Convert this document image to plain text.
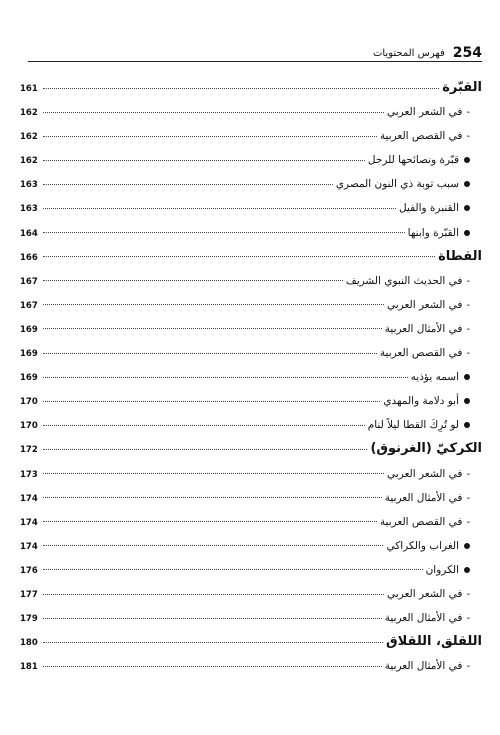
254
فهرس المحتويات
القبّرة
161
-في الشعر العربي
162
-في القصص العربية
162
قبّرة ونصائحها للرجل
162
سبب توبة ذي النون المصري
163
القنبرة والفيل
163
القبّرة وابنها
164
القطاة
166
-في الحديث النبوي الشريف
167
-في الشعر العربي
167
-في الأمثال العربية
169
-في القصص العربية
169
اسمه يؤذيه
169
أبو دلامة والمهدي
170
لو تُرِكَ القطا ليلاً لنام
170
الكركيّ (الغرنوق)
172
-في الشعر العربي
173
-في الأمثال العربية
174
-في القصص العربية
174
الغراب والكراكي
174
الكروان
176
-في الشعر العربي
177
-في الأمثال العربية
179
اللقلق، اللقلاق
180
-في الأمثال العربية
181
